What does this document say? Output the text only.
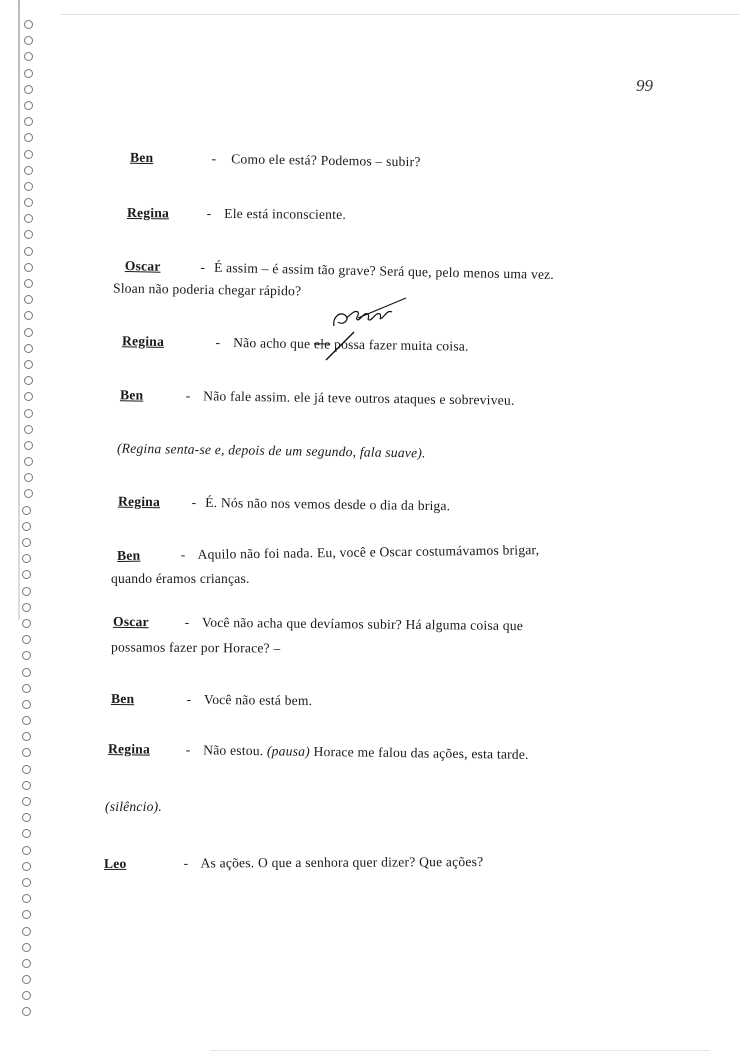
99
Ben	- Como ele está? Podemos – subir?
Regina	- Ele está inconsciente.
Oscar	- É assim – é assim tão grave? Será que, pelo menos uma vez.
Sloan não poderia chegar rápido?
Regina	- Não acho que ele possa fazer muita coisa.
Sloan
Ben	- Não fale assim. ele já teve outros ataques e sobreviveu.
(Regina senta-se e, depois de um segundo, fala suave).
Regina - É. Nós não nos vemos desde o dia da briga.
Ben	- Aquilo não foi nada. Eu, você e Oscar costumávamos brigar,
quando éramos crianças.
Oscar	- Você não acha que devíamos subir? Há alguma coisa que
possamos fazer por Horace? –
Ben	- Você não está bem.
Regina	- Não estou. (pausa) Horace me falou das ações, esta tarde.
(silêncio).
Leo	- As ações. O que a senhora quer dizer? Que ações?
